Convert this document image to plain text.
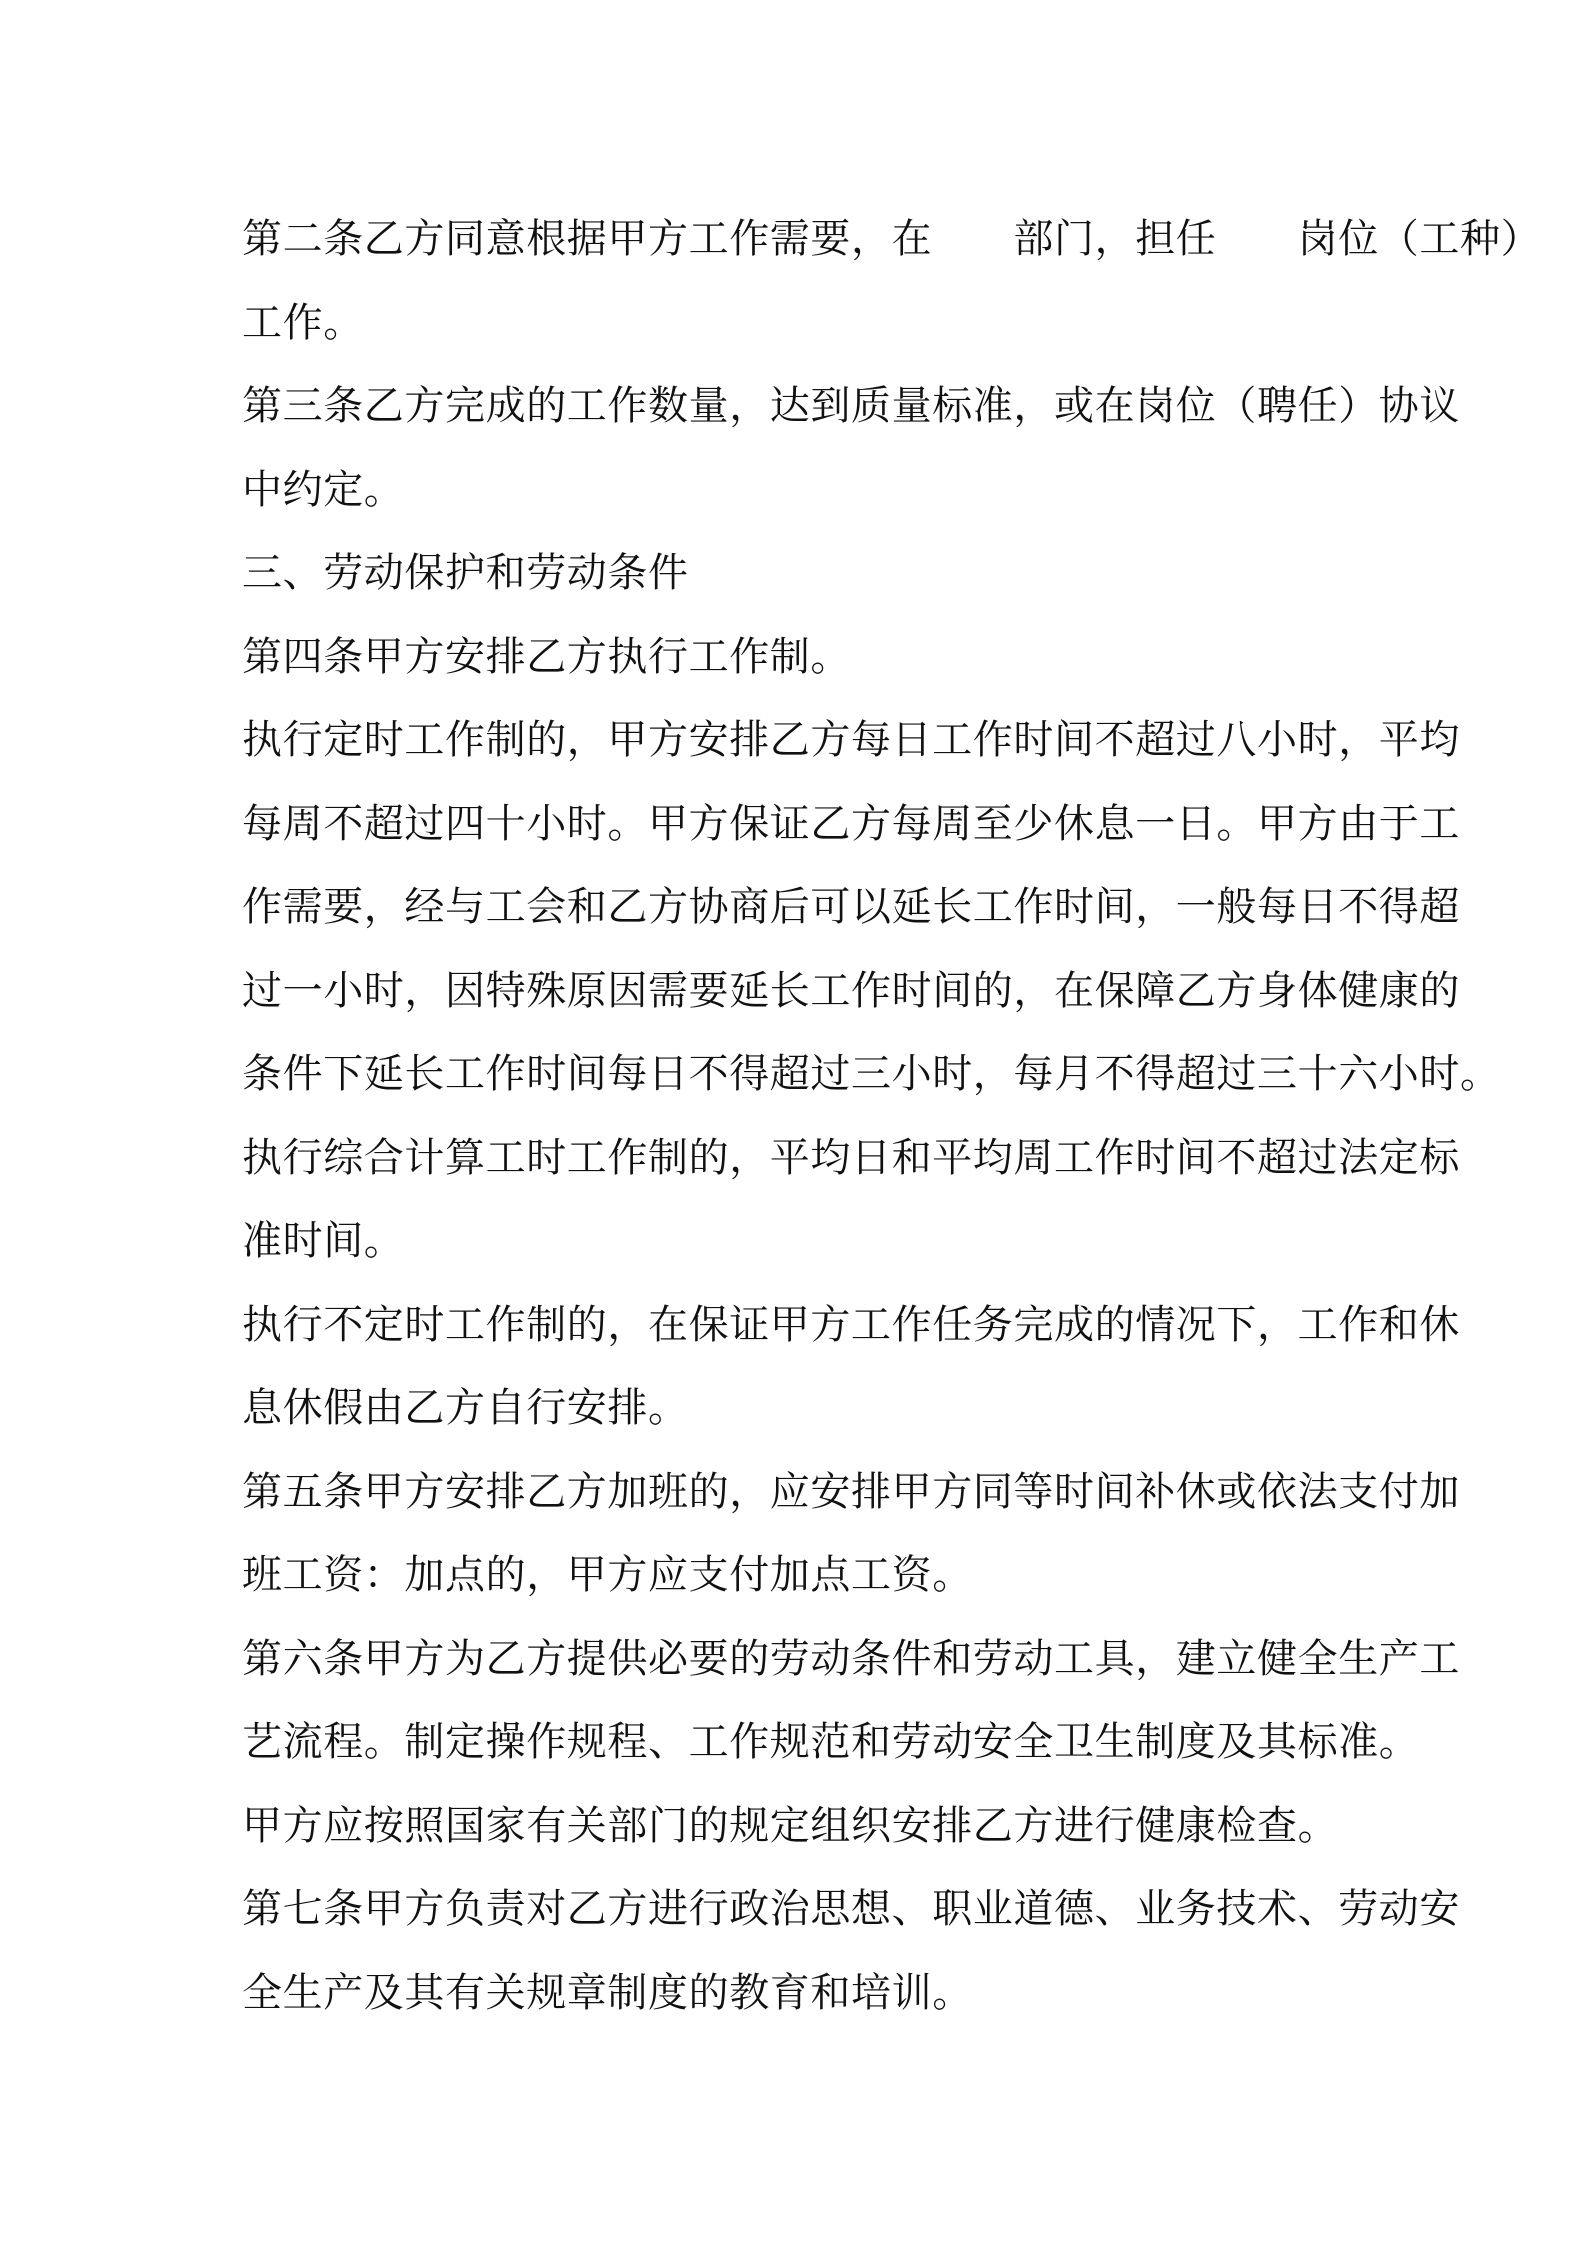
第二条乙方同意根据甲方工作需要，在　　部门，担任　　岗位（工种）
工作。
第三条乙方完成的工作数量，达到质量标准，或在岗位（聘任）协议
中约定。
三、劳动保护和劳动条件
第四条甲方安排乙方执行工作制。
执行定时工作制的，甲方安排乙方每日工作时间不超过八小时，平均
每周不超过四十小时。甲方保证乙方每周至少休息一日。甲方由于工
作需要，经与工会和乙方协商后可以延长工作时间，一般每日不得超
过一小时，因特殊原因需要延长工作时间的，在保障乙方身体健康的
条件下延长工作时间每日不得超过三小时，每月不得超过三十六小时。
执行综合计算工时工作制的，平均日和平均周工作时间不超过法定标
准时间。
执行不定时工作制的，在保证甲方工作任务完成的情况下，工作和休
息休假由乙方自行安排。
第五条甲方安排乙方加班的，应安排甲方同等时间补休或依法支付加
班工资：加点的，甲方应支付加点工资。
第六条甲方为乙方提供必要的劳动条件和劳动工具，建立健全生产工
艺流程。制定操作规程、工作规范和劳动安全卫生制度及其标准。
甲方应按照国家有关部门的规定组织安排乙方进行健康检查。
第七条甲方负责对乙方进行政治思想、职业道德、业务技术、劳动安
全生产及其有关规章制度的教育和培训。
